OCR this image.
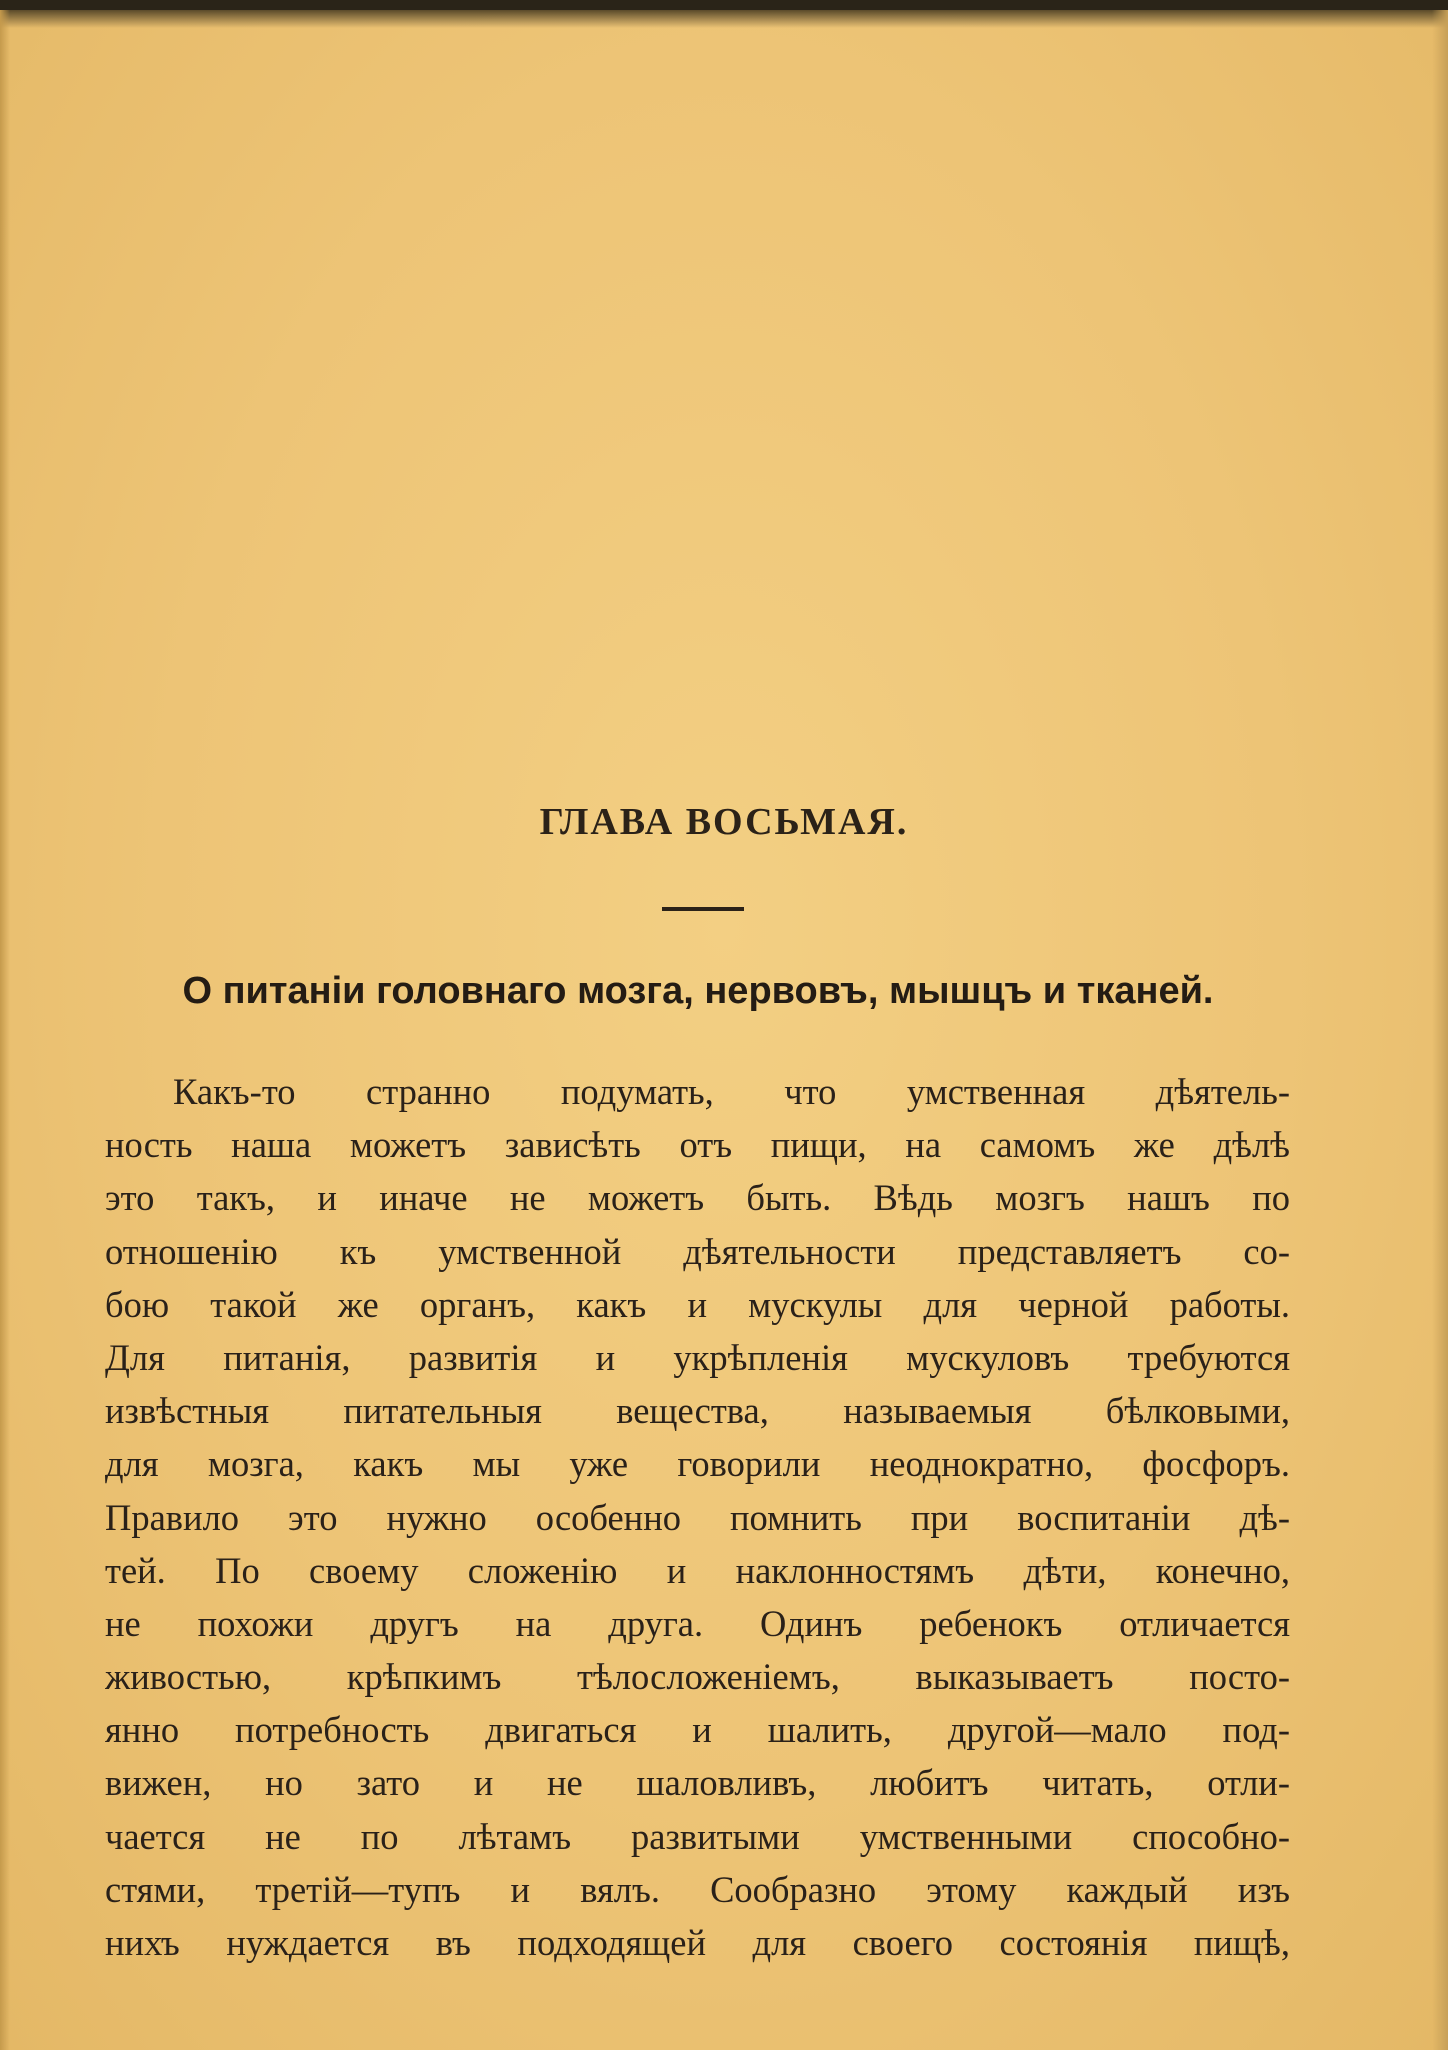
ГЛАВА ВОСЬМАЯ.
О питаніи головнаго мозга, нервовъ, мышцъ и тканей.
Какъ-то странно подумать, что умственная дѣятель-
ность наша можетъ зависѣть отъ пищи, на самомъ же дѣлѣ
это такъ, и иначе не можетъ быть. Вѣдь мозгъ нашъ по
отношенію къ умственной дѣятельности представляетъ со-
бою такой же органъ, какъ и мускулы для черной работы.
Для питанія, развитія и укрѣпленія мускуловъ требуются
извѣстныя питательныя вещества, называемыя бѣлковыми,
для мозга, какъ мы уже говорили неоднократно, фосфоръ.
Правило это нужно особенно помнить при воспитаніи дѣ-
тей. По своему сложенію и наклонностямъ дѣти, конечно,
не похожи другъ на друга. Одинъ ребенокъ отличается
живостью, крѣпкимъ тѣлосложеніемъ, выказываетъ посто-
янно потребность двигаться и шалить, другой—мало под-
вижен, но зато и не шаловливъ, любитъ читать, отли-
чается не по лѣтамъ развитыми умственными способно-
стями, третій—тупъ и вялъ. Сообразно этому каждый изъ
нихъ нуждается въ подходящей для своего состоянія пищѣ,
